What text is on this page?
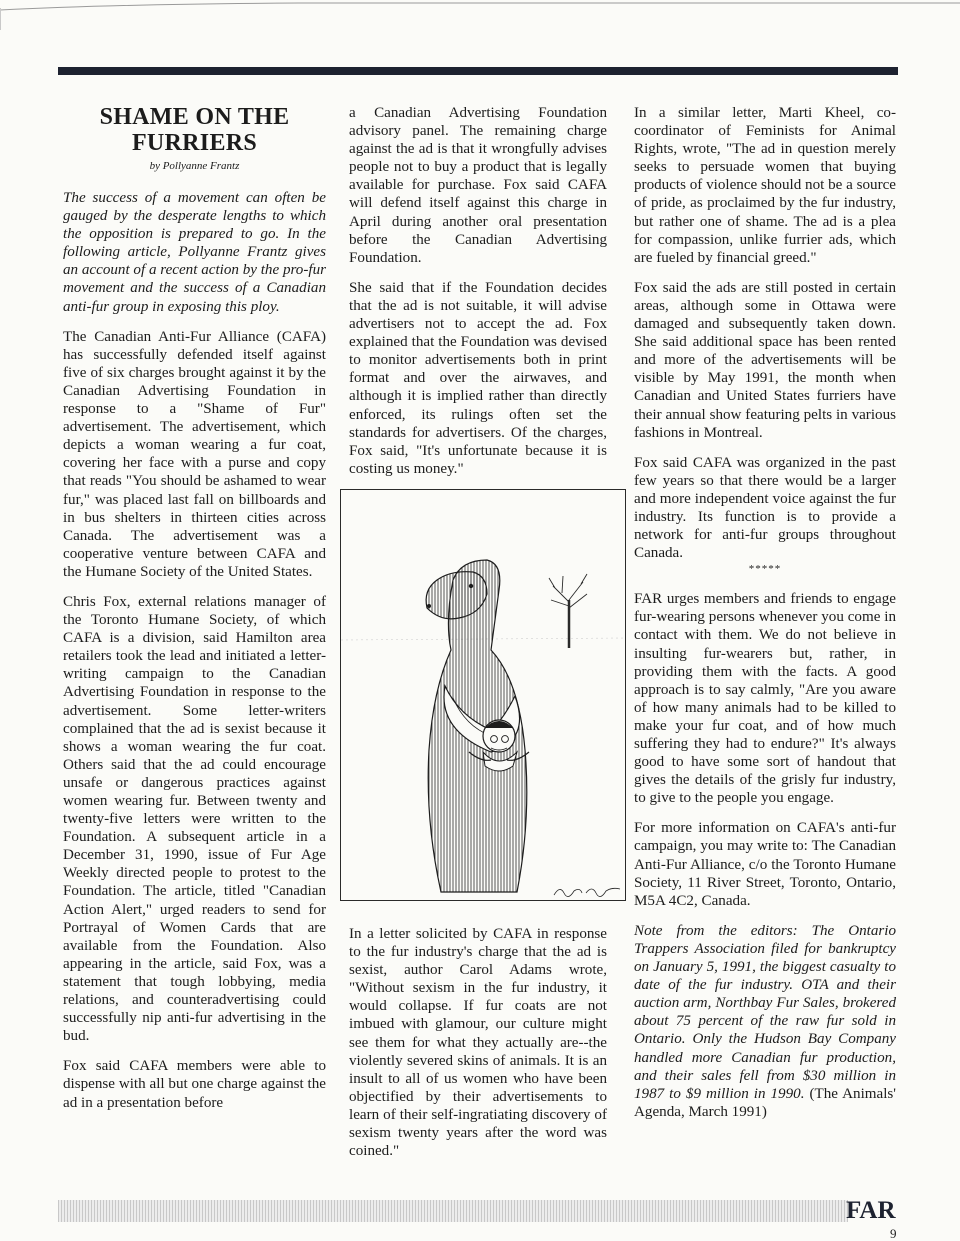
SHAME ON THE FURRIERS
by Pollyanne Frantz

The success of a movement can often be gauged by the desperate lengths to which the opposition is prepared to go. In the following article, Pollyanne Frantz gives an account of a recent action by the pro-fur movement and the success of a Canadian anti-fur group in exposing this ploy.

The Canadian Anti-Fur Alliance (CAFA) has successfully defended itself against five of six charges brought against it by the Canadian Advertising Foundation in response to a "Shame of Fur" advertisement. The advertisement, which depicts a woman wearing a fur coat, covering her face with a purse and copy that reads "You should be ashamed to wear fur," was placed last fall on billboards and in bus shelters in thirteen cities across Canada. The advertisement was a cooperative venture between CAFA and the Humane Society of the United States.

Chris Fox, external relations manager of the Toronto Humane Society, of which CAFA is a division, said Hamilton area retailers took the lead and initiated a letter-writing campaign to the Canadian Advertising Foundation in response to the advertisement. Some letter-writers complained that the ad is sexist because it shows a woman wearing the fur coat. Others said that the ad could encourage unsafe or dangerous practices against women wearing fur. Between twenty and twenty-five letters were written to the Foundation. A subsequent article in a December 31, 1990, issue of Fur Age Weekly directed people to protest to the Foundation. The article, titled "Canadian Action Alert," urged readers to send for Portrayal of Women Cards that are available from the Foundation. Also appearing in the article, said Fox, was a statement that tough lobbying, media relations, and counteradvertising could successfully nip anti-fur advertising in the bud.

Fox said CAFA members were able to dispense with all but one charge against the ad in a presentation before

a Canadian Advertising Foundation advisory panel. The remaining charge against the ad is that it wrongfully advises people not to buy a product that is legally available for purchase. Fox said CAFA will defend itself against this charge in April during another oral presentation before the Canadian Advertising Foundation.

She said that if the Foundation decides that the ad is not suitable, it will advise advertisers not to accept the ad. Fox explained that the Foundation was devised to monitor advertisements both in print format and over the airwaves, and although it is implied rather than directly enforced, its rulings often set the standards for advertisers. Of the charges, Fox said, "It's unfortunate because it is costing us money."

In a letter solicited by CAFA in response to the fur industry's charge that the ad is sexist, author Carol Adams wrote, "Without sexism in the fur industry, it would collapse. If fur coats are not imbued with glamour, our culture might see them for what they actually are--the violently severed skins of animals. It is an insult to all of us women who have been objectified by their advertisements to learn of their self-ingratiating discovery of sexism twenty years after the word was coined."

In a similar letter, Marti Kheel, co-coordinator of Feminists for Animal Rights, wrote, "The ad in question merely seeks to persuade women that buying products of violence should not be a source of pride, as proclaimed by the fur industry, but rather one of shame. The ad is a plea for compassion, unlike furrier ads, which are fueled by financial greed."

Fox said the ads are still posted in certain areas, although some in Ottawa were damaged and subsequently taken down. She said additional space has been rented and more of the advertisements will be visible by May 1991, the month when Canadian and United States furriers have their annual show featuring pelts in various fashions in Montreal.

Fox said CAFA was organized in the past few years so that there would be a larger and more independent voice against the fur industry. Its function is to provide a network for anti-fur groups throughout Canada.

*****

FAR urges members and friends to engage fur-wearing persons whenever you come in contact with them. We do not believe in insulting fur-wearers but, rather, in providing them with the facts. A good approach is to say calmly, "Are you aware of how many animals had to be killed to make your fur coat, and of how much suffering they had to endure?" It's always good to have some sort of handout that gives the details of the grisly fur industry, to give to the people you engage.

For more information on CAFA's anti-fur campaign, you may write to: The Canadian Anti-Fur Alliance, c/o the Toronto Humane Society, 11 River Street, Toronto, Ontario, M5A 4C2, Canada.

Note from the editors: The Ontario Trappers Association filed for bankruptcy on January 5, 1991, the biggest casualty to date of the fur industry. OTA and their auction arm, Northbay Fur Sales, brokered about 75 percent of the raw fur sold in Ontario. Only the Hudson Bay Company handled more Canadian fur production, and their sales fell from $30 million in 1987 to $9 million in 1990. (The Animals' Agenda, March 1991)

FAR
9
